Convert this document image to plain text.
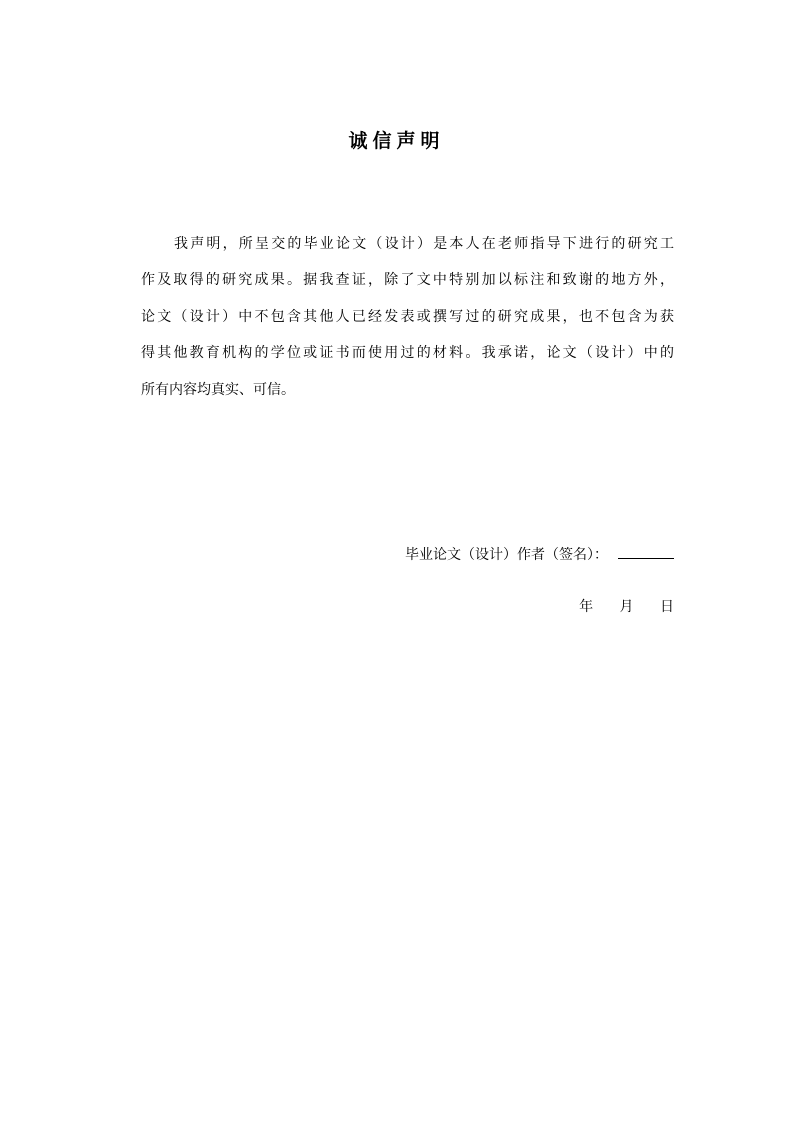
诚信声明
我声明，所呈交的毕业论文（设计）是本人在老师指导下进行的研究工
作及取得的研究成果。据我查证，除了文中特别加以标注和致谢的地方外，
论文（设计）中不包含其他人已经发表或撰写过的研究成果，也不包含为获
得其他教育机构的学位或证书而使用过的材料。我承诺，论文（设计）中的
所有内容均真实、可信。
毕业论文（设计）作者（签名）：
年 月 日
